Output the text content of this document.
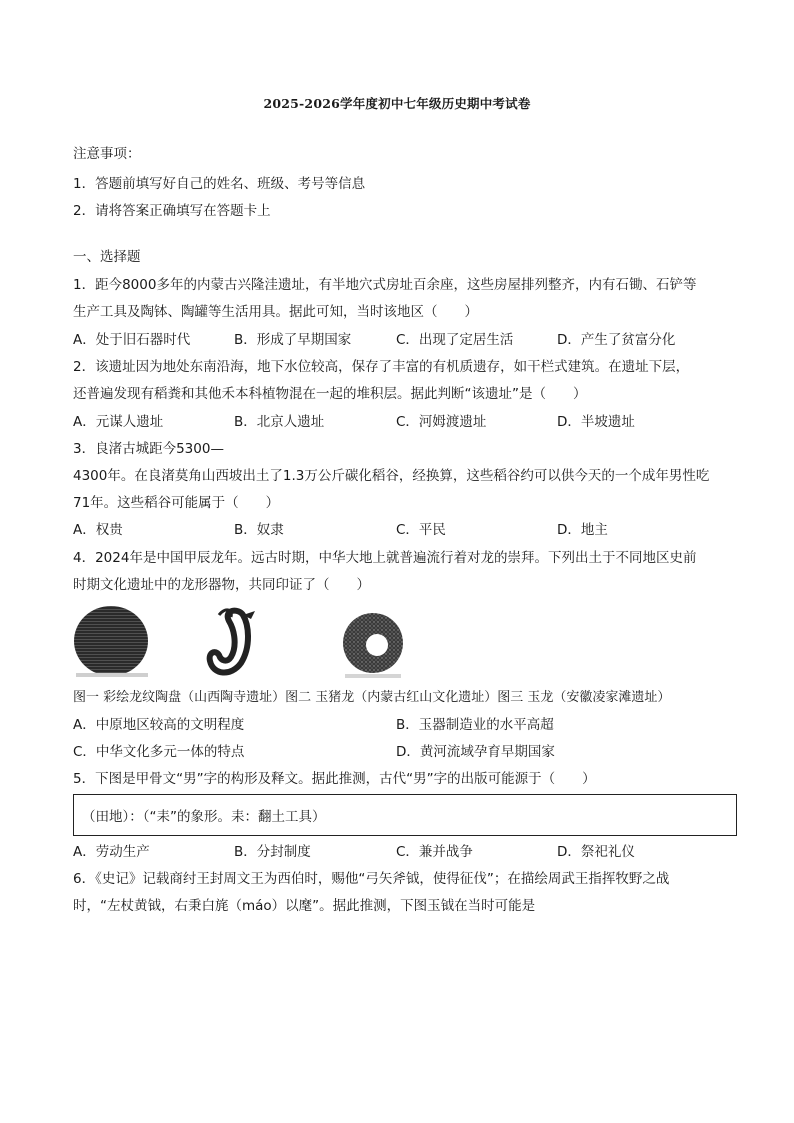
2025-2026学年度初中七年级历史期中考试卷
注意事项：
1．答题前填写好自己的姓名、班级、考号等信息
2．请将答案正确填写在答题卡上
一、选择题
1．距今8000多年的内蒙古兴隆洼遗址，有半地穴式房址百余座，这些房屋排列整齐，内有石锄、石铲等
生产工具及陶钵、陶罐等生活用具。据此可知，当时该地区（　　）
A．处于旧石器时代	B．形成了早期国家	C．出现了定居生活	D．产生了贫富分化
2．该遗址因为地处东南沿海，地下水位较高，保存了丰富的有机质遗存，如干栏式建筑。在遗址下层，
还普遍发现有稻粪和其他禾本科植物混在一起的堆积层。据此判断“该遗址”是（　　）
A．元谋人遗址	B．北京人遗址	C．河姆渡遗址	D．半坡遗址
3．良渚古城距今5300—
4300年。在良渚莫角山西坡出土了1.3万公斤碳化稻谷，经换算，这些稻谷约可以供今天的一个成年男性吃
71年。这些稻谷可能属于（　　）
A．权贵	B．奴隶	C．平民	D．地主
4．2024年是中国甲辰龙年。远古时期，中华大地上就普遍流行着对龙的崇拜。下列出土于不同地区史前
时期文化遗址中的龙形器物，共同印证了（　　）
图一 彩绘龙纹陶盘（山西陶寺遗址）图二 玉猪龙（内蒙古红山文化遗址）图三 玉龙（安徽凌家滩遗址）
A．中原地区较高的文明程度	B．玉器制造业的水平高超
C．中华文化多元一体的特点	D．黄河流域孕育早期国家
5．下图是甲骨文“男”字的构形及释文。据此推测，古代“男”字的出版可能源于（　　）
（田地）：（“耒”的象形。耒：翻土工具）
A．劳动生产	B．分封制度	C．兼并战争	D．祭祀礼仪
6．《史记》记载商纣王封周文王为西伯时，赐他“弓矢斧钺，使得征伐”；在描绘周武王指挥牧野之战
时，“左杖黄钺，右秉白旄（máo）以麾”。据此推测，下图玉钺在当时可能是
